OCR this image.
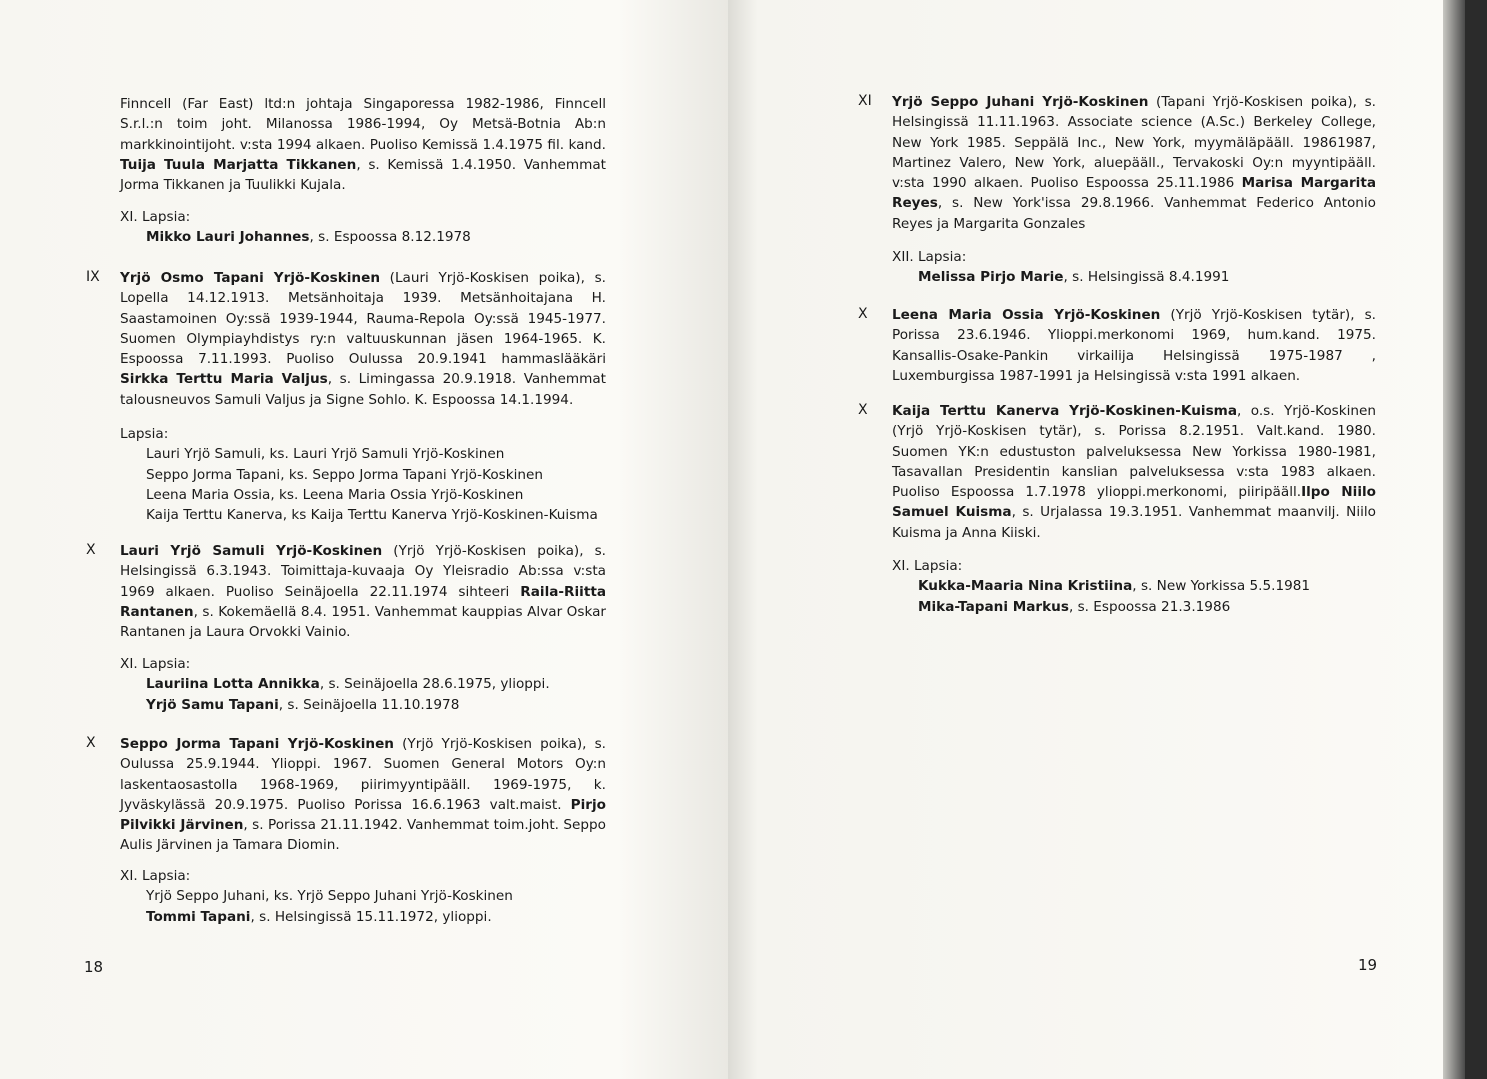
Finncell (Far East) ltd:n johtaja Singaporessa 1982-1986, Finncell S.r.l.:n toim joht. Milanossa 1986-1994, Oy Metsä-Botnia Ab:n markkinointijoht. v:sta 1994 alkaen. Puoliso Kemissä 1.4.1975 fil. kand. Tuija Tuula Marjatta Tikkanen, s. Kemissä 1.4.1950. Vanhemmat Jorma Tikkanen ja Tuulikki Kujala.

XI. Lapsia:
Mikko Lauri Johannes, s. Espoossa 8.12.1978
IX Yrjö Osmo Tapani Yrjö-Koskinen (Lauri Yrjö-Koskisen poika), s. Lopella 14.12.1913. Metsänhoitaja 1939. Metsänhoitajana H. Saastamoinen Oy:ssä 1939-1944, Rauma-Repola Oy:ssä 1945-1977. Suomen Olympiayhdistys ry:n valtuuskunnan jäsen 1964-1965. K. Espoossa 7.11.1993. Puoliso Oulussa 20.9.1941 hammaslääkäri Sirkka Terttu Maria Valjus, s. Limingassa 20.9.1918. Vanhemmat talousneuvos Samuli Valjus ja Signe Sohlo. K. Espoossa 14.1.1994.

Lapsia:
Lauri Yrjö Samuli, ks. Lauri Yrjö Samuli Yrjö-Koskinen
Seppo Jorma Tapani, ks. Seppo Jorma Tapani Yrjö-Koskinen
Leena Maria Ossia, ks. Leena Maria Ossia Yrjö-Koskinen
Kaija Terttu Kanerva, ks Kaija Terttu Kanerva Yrjö-Koskinen-Kuisma
X Lauri Yrjö Samuli Yrjö-Koskinen (Yrjö Yrjö-Koskisen poika), s. Helsingissä 6.3.1943. Toimittaja-kuvaaja Oy Yleisradio Ab:ssa v:sta 1969 alkaen. Puoliso Seinäjoella 22.11.1974 sihteeri Raila-Riitta Rantanen, s. Kokemäellä 8.4. 1951. Vanhemmat kauppias Alvar Oskar Rantanen ja Laura Orvokki Vainio.

XI. Lapsia:
Lauriina Lotta Annikka, s. Seinäjoella 28.6.1975, ylioppi.
Yrjö Samu Tapani, s. Seinäjoella 11.10.1978
X Seppo Jorma Tapani Yrjö-Koskinen (Yrjö Yrjö-Koskisen poika), s. Oulussa 25.9.1944. Ylioppi. 1967. Suomen General Motors Oy:n laskentaosastolla 1968-1969, piirimyyntipääll. 1969-1975, k. Jyväskylässä 20.9.1975. Puoliso Porissa 16.6.1963 valt.maist. Pirjo Pilvikki Järvinen, s. Porissa 21.11.1942. Vanhemmat toim.joht. Seppo Aulis Järvinen ja Tamara Diomin.

XI. Lapsia:
Yrjö Seppo Juhani, ks. Yrjö Seppo Juhani Yrjö-Koskinen
Tommi Tapani, s. Helsingissä 15.11.1972, ylioppi.
18
XI Yrjö Seppo Juhani Yrjö-Koskinen (Tapani Yrjö-Koskisen poika), s. Helsingissä 11.11.1963. Associate science (A.Sc.) Berkeley College, New York 1985. Seppälä Inc., New York, myymäläpääll. 19861987, Martinez Valero, New York, aluepääll., Tervakoski Oy:n myyntipääll. v:sta 1990 alkaen. Puoliso Espoossa 25.11.1986 Marisa Margarita Reyes, s. New York'issa 29.8.1966. Vanhemmat Federico Antonio Reyes ja Margarita Gonzales

XII. Lapsia:
Melissa Pirjo Marie, s. Helsingissä 8.4.1991
X Leena Maria Ossia Yrjö-Koskinen (Yrjö Yrjö-Koskisen tytär), s. Porissa 23.6.1946. Ylioppi.merkonomi 1969, hum.kand. 1975. Kansallis-Osake-Pankin virkailija Helsingissä 1975-1987 , Luxemburgissa 1987-1991 ja Helsingissä v:sta 1991 alkaen.

X Kaija Terttu Kanerva Yrjö-Koskinen-Kuisma, o.s. Yrjö-Koskinen (Yrjö Yrjö-Koskisen tytär), s. Porissa 8.2.1951. Valt.kand. 1980. Suomen YK:n edustuston palveluksessa New Yorkissa 1980-1981, Tasavallan Presidentin kanslian palveluksessa v:sta 1983 alkaen. Puoliso Espoossa 1.7.1978 ylioppi.merkonomi, piiripääll.Ilpo Niilo Samuel Kuisma, s. Urjalassa 19.3.1951. Vanhemmat maanvilj. Niilo Kuisma ja Anna Kiiski.

XI. Lapsia:
Kukka-Maaria Nina Kristiina, s. New Yorkissa 5.5.1981
Mika-Tapani Markus, s. Espoossa 21.3.1986
19
